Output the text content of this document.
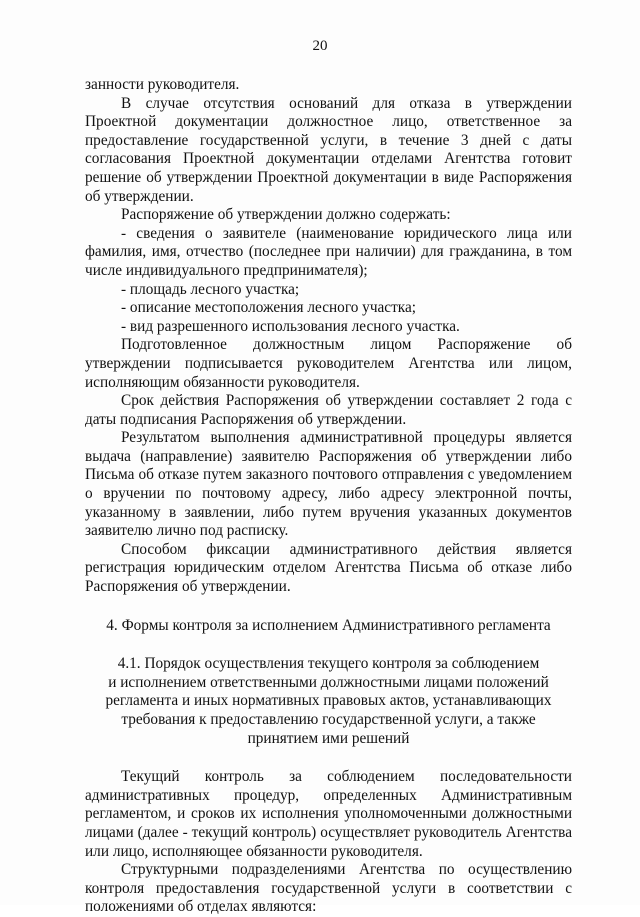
20

занности руководителя.

В случае отсутствия оснований для отказа в утверждении Проектной документации должностное лицо, ответственное за предоставление государственной услуги, в течение 3 дней с даты согласования Проектной документации отделами Агентства готовит решение об утверждении Проектной документации в виде Распоряжения об утверждении.

Распоряжение об утверждении должно содержать:

- сведения о заявителе (наименование юридического лица или фамилия, имя, отчество (последнее при наличии) для гражданина, в том числе индивидуального предпринимателя);

- площадь лесного участка;

- описание местоположения лесного участка;

- вид разрешенного использования лесного участка.

Подготовленное должностным лицом Распоряжение об утверждении подписывается руководителем Агентства или лицом, исполняющим обязанности руководителя.

Срок действия Распоряжения об утверждении составляет 2 года с даты подписания Распоряжения об утверждении.

Результатом выполнения административной процедуры является выдача (направление) заявителю Распоряжения об утверждении либо Письма об отказе путем заказного почтового отправления с уведомлением о вручении по почтовому адресу, либо адресу электронной почты, указанному в заявлении, либо путем вручения указанных документов заявителю лично под расписку.

Способом фиксации административного действия является регистрация юридическим отделом Агентства Письма об отказе либо Распоряжения об утверждении.

4. Формы контроля за исполнением Административного регламента

4.1. Порядок осуществления текущего контроля за соблюдением
и исполнением ответственными должностными лицами положений
регламента и иных нормативных правовых актов, устанавливающих
требования к предоставлению государственной услуги, а также
принятием ими решений

Текущий контроль за соблюдением последовательности административных процедур, определенных Административным регламентом, и сроков их исполнения уполномоченными должностными лицами (далее - текущий контроль) осуществляет руководитель Агентства или лицо, исполняющее обязанности руководителя.

Структурными подразделениями Агентства по осуществлению контроля предоставления государственной услуги в соответствии с положениями об отделах являются:
